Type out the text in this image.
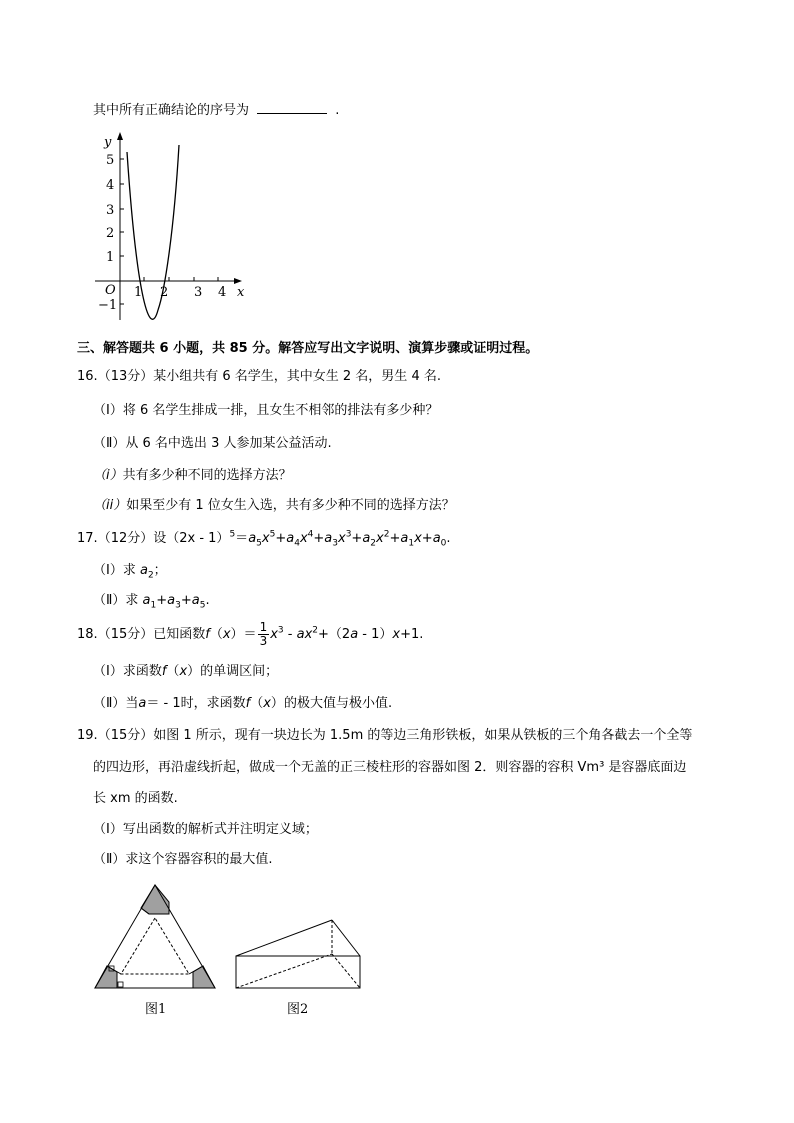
其中所有正确结论的序号为	.
y
x
O
5
4
3
2
1
−1
1 2 3 4
三、解答题共 6 小题，共 85 分。解答应写出文字说明、演算步骤或证明过程。
16.（13分）某小组共有 6 名学生，其中女生 2 名，男生 4 名.
（Ⅰ）将 6 名学生排成一排，且女生不相邻的排法有多少种？
（Ⅱ）从 6 名中选出 3 人参加某公益活动.
（i）共有多少种不同的选择方法？
（ii）如果至少有 1 位女生入选，共有多少种不同的选择方法？
17.（12分）设$(2x - 1)^5=a_5x^5+a_4x^4+a_3x^3+a_2x^2+a_1x+a_0$.
（Ⅰ）求 $a_2$；
（Ⅱ）求 $a_1+a_3+a_5$.
18.（15分）已知函数$f(x)= \frac{1}{3} x^3 - ax^2+(2a - 1)x+1$.
（Ⅰ）求函数f（x）的单调区间；
（Ⅱ）当a＝ - 1时，求函数f（x）的极大值与极小值.
19.（15分）如图 1 所示，现有一块边长为 1.5m 的等边三角形铁板，如果从铁板的三个角各截去一个全等
的四边形，再沿虚线折起，做成一个无盖的正三棱柱形的容器如图 2．则容器的容积 Vm³ 是容器底面边
长 xm 的函数.
（Ⅰ）写出函数的解析式并注明定义域；
（Ⅱ）求这个容器容积的最大值.
图1	图2
